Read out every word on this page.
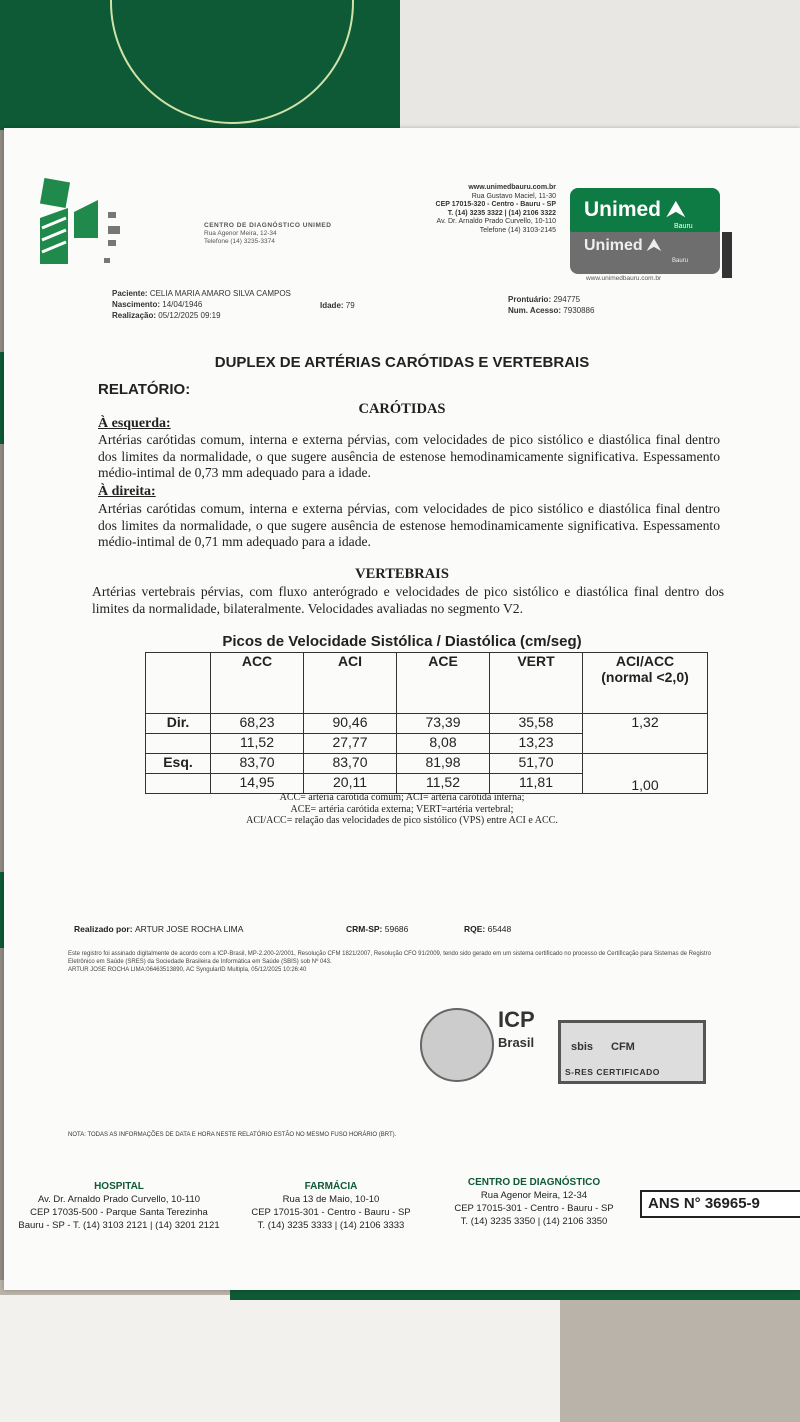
CENTRO DE DIAGNÓSTICO UNIMED
Rua Agenor Meira, 12-34
Telefone (14) 3235-3374
www.unimedbauru.com.br
Rua Gustavo Maciel, 11-30
CEP 17015-320 - Centro - Bauru - SP
T. (14) 3235 3322 | (14) 2106 3322
Av. Dr. Arnaldo Prado Curvello, 10-110
Telefone (14) 3103-2145
Unimed ⮝
Bauru
Unimed ⮝
Bauru
www.unimedbauru.com.br
Paciente: CELIA MARIA AMARO SILVA CAMPOS
Nascimento: 14/04/1946
Realização: 05/12/2025 09:19
Idade: 79
Prontuário: 294775
Num. Acesso: 7930886
DUPLEX DE ARTÉRIAS CARÓTIDAS E VERTEBRAIS
RELATÓRIO:
CARÓTIDAS
À esquerda:
Artérias carótidas comum, interna e externa pérvias, com velocidades de pico sistólico e diastólica final dentro dos limites da normalidade, o que sugere ausência de estenose hemodinamicamente significativa. Espessamento médio-intimal de 0,73 mm adequado para a idade.
À direita:
Artérias carótidas comum, interna e externa pérvias, com velocidades de pico sistólico e diastólica final dentro dos limites da normalidade, o que sugere ausência de estenose hemodinamicamente significativa. Espessamento médio-intimal de 0,71 mm adequado para a idade.
VERTEBRAIS
Artérias vertebrais pérvias, com fluxo anterógrado e velocidades de pico sistólico e diastólica final dentro dos limites da normalidade, bilateralmente. Velocidades avaliadas no segmento V2.
Picos de Velocidade Sistólica / Diastólica (cm/seg)
	ACC	ACI	ACE	VERT	ACI/ACC (normal <2,0)
Dir.	68,23	90,46	73,39	35,58	1,32
	11,52	27,77	8,08	13,23	
Esq.	83,70	83,70	81,98	51,70	1,00
	14,95	20,11	11,52	11,81	
ACC= artéria carótida comum; ACI= artéria carótida interna;
ACE= artéria carótida externa; VERT=artéria vertebral;
ACI/ACC= relação das velocidades de pico sistólico (VPS) entre ACI e ACC.
Realizado por: ARTUR JOSE ROCHA LIMA	CRM-SP: 59686	RQE: 65448
Este registro foi assinado digitalmente de acordo com a ICP-Brasil, MP-2.200-2/2001, Resolução CFM 1821/2007, Resolução CFO 91/2009, tendo sido gerado em um sistema certificado no processo de Certificação para Sistemas de Registro Eletrônico em Saúde (SRES) da Sociedade Brasileira de Informática em Saúde (SBIS) sob Nº 043.
ARTUR JOSE ROCHA LIMA:06463513890, AC SyngularID Multipla, 05/12/2025 10:26:40
ICP
Brasil	sbis CFM
S-RES CERTIFICADO
NOTA: TODAS AS INFORMAÇÕES DE DATA E HORA NESTE RELATÓRIO ESTÃO NO MESMO FUSO HORÁRIO (BRT).
HOSPITAL
Av. Dr. Arnaldo Prado Curvello, 10-110
CEP 17035-500 - Parque Santa Terezinha
Bauru - SP - T. (14) 3103 2121 | (14) 3201 2121
FARMÁCIA
Rua 13 de Maio, 10-10
CEP 17015-301 - Centro - Bauru - SP
T. (14) 3235 3333 | (14) 2106 3333
CENTRO DE DIAGNÓSTICO
Rua Agenor Meira, 12-34
CEP 17015-301 - Centro - Bauru - SP
T. (14) 3235 3350 | (14) 2106 3350
ANS N° 36965-9
